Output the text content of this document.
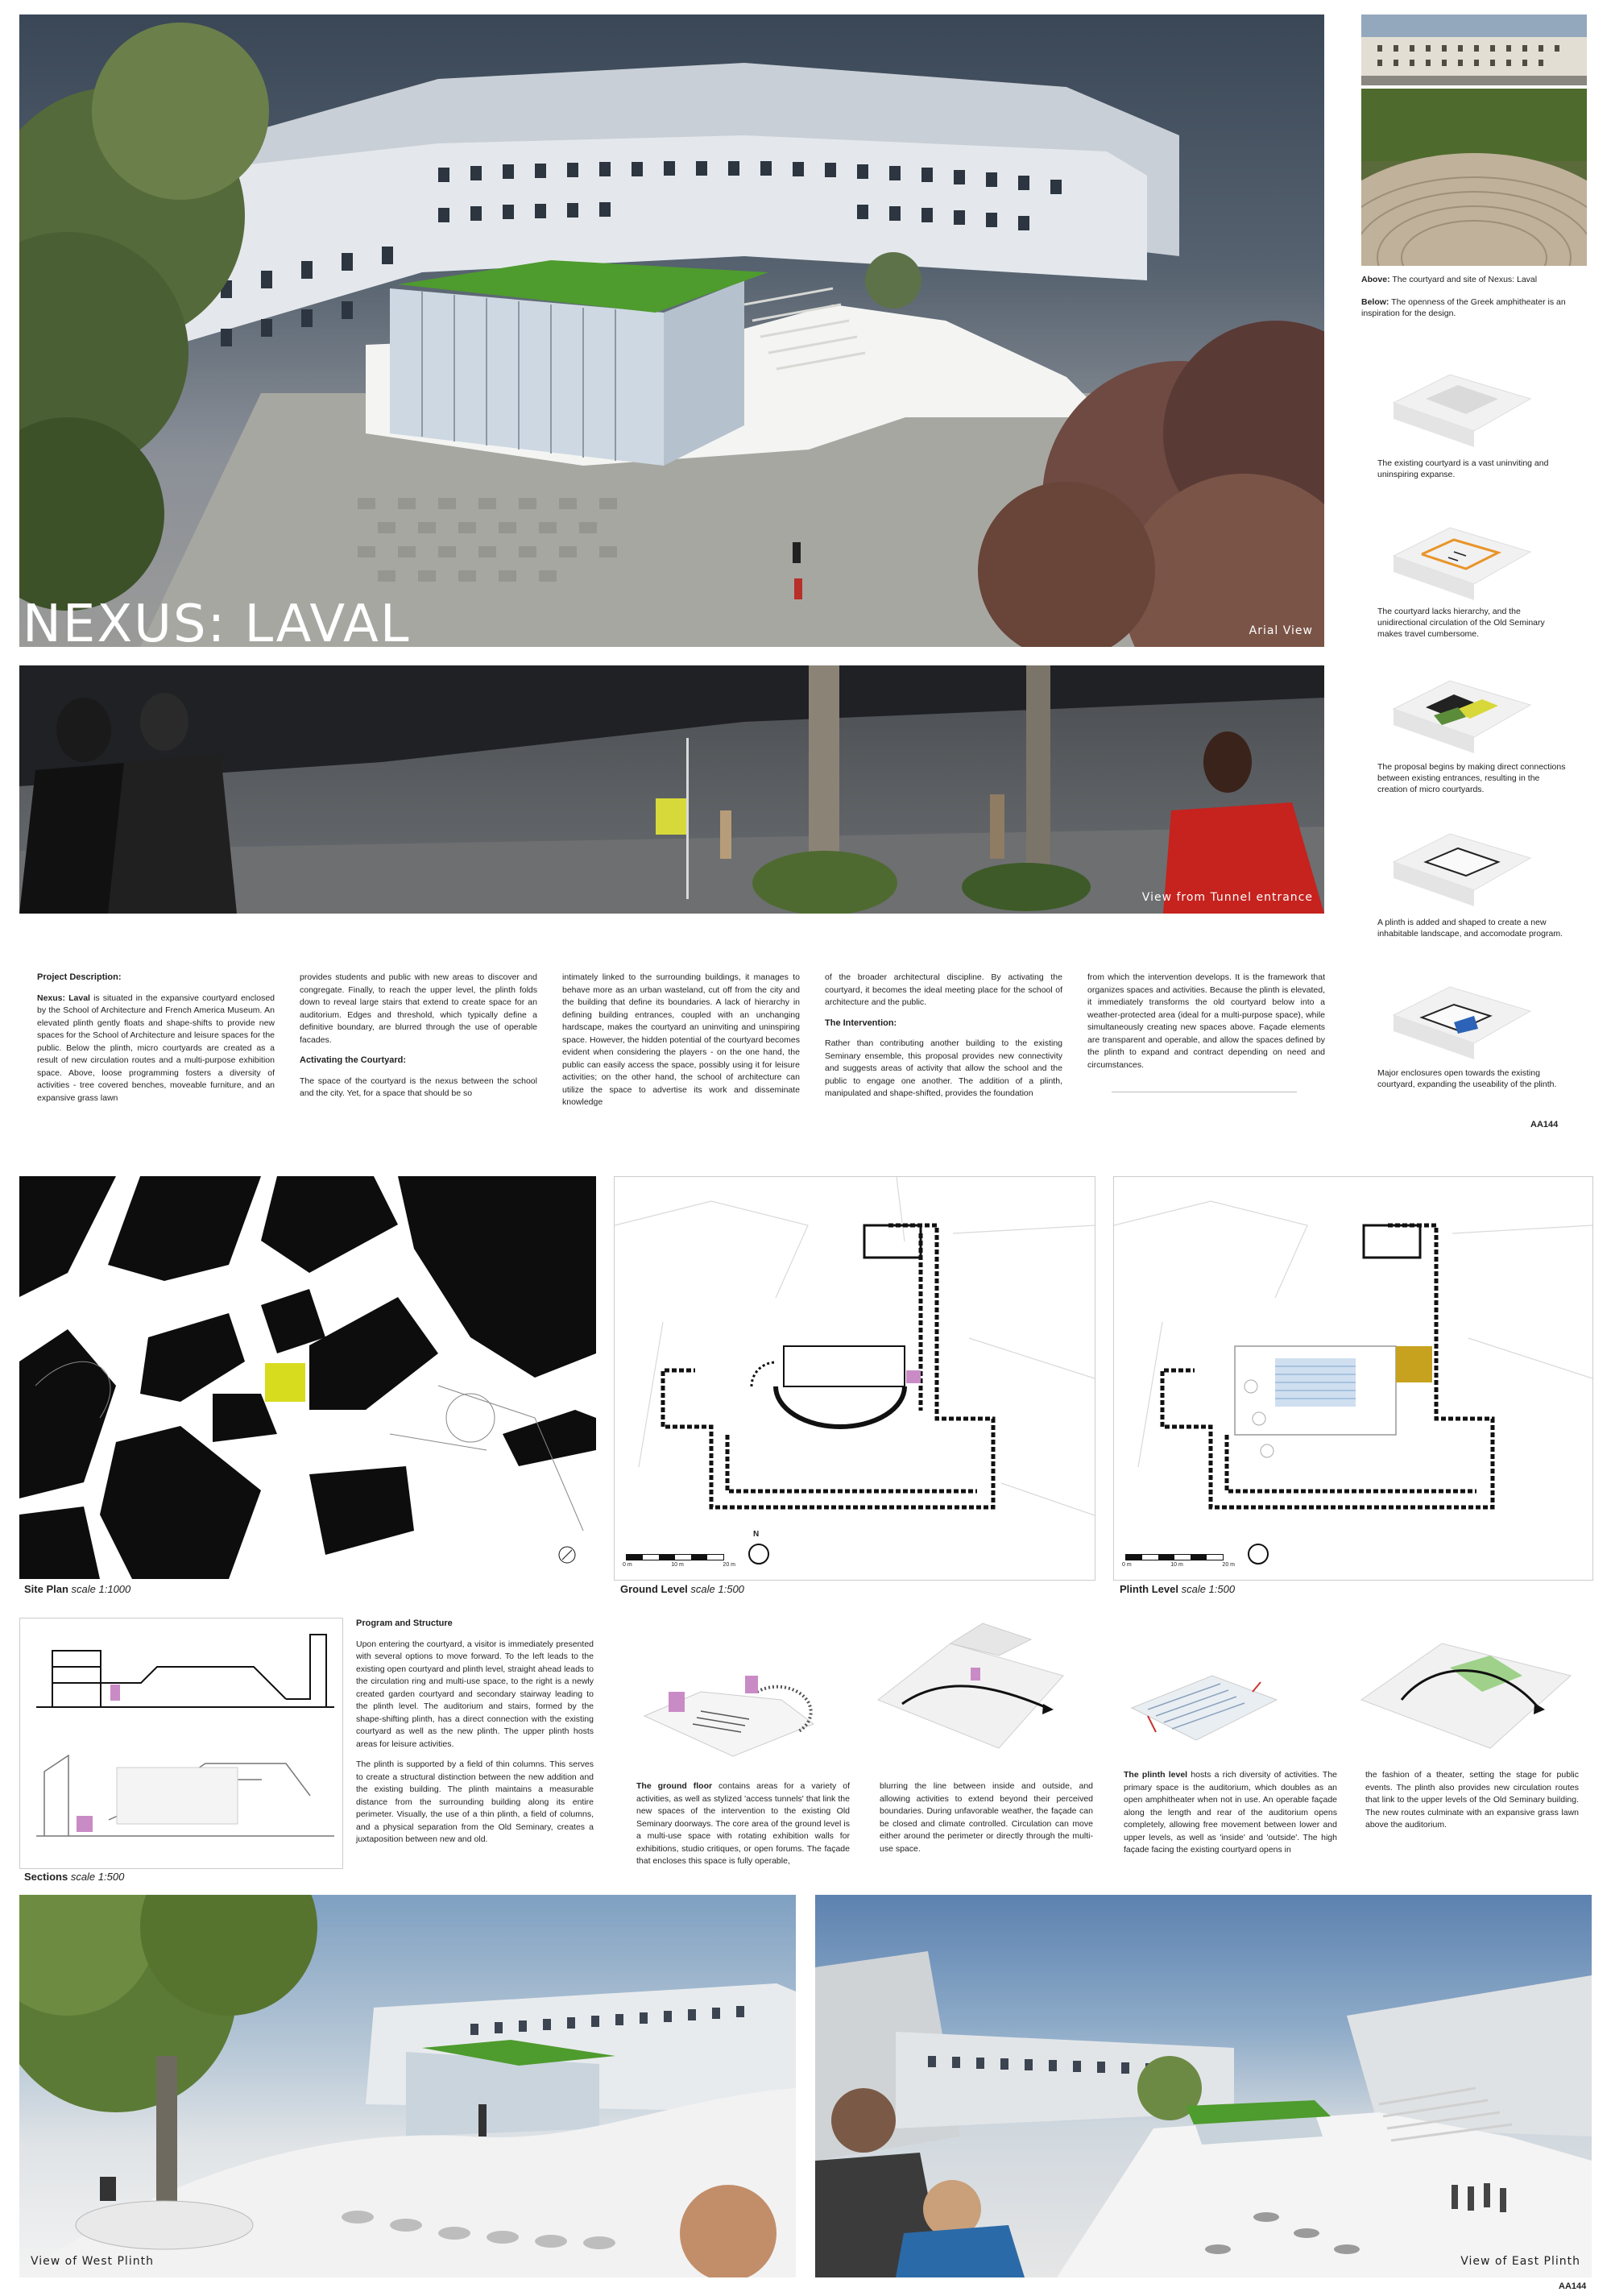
NEXUS: LAVAL	Arial View
Above: The courtyard and site of Nexus: Laval
Below: The openness of the Greek amphitheater is an inspiration for the design.
The existing courtyard is a vast uninviting and uninspiring expanse.
The courtyard lacks hierarchy, and the unidirectional circulation of the Old Seminary makes travel cumbersome.
The proposal begins by making direct connections between existing entrances, resulting in the creation of micro courtyards.
A plinth is added and shaped to create a new inhabitable landscape, and accomodate program.
Major enclosures open towards the existing courtyard, expanding the useability of the plinth.
View from Tunnel entrance
Project Description:

Nexus: Laval is situated in the expansive courtyard enclosed by the School of Architecture and French America Museum. An elevated plinth gently floats and shape-shifts to provide new spaces for the School of Architecture and leisure spaces for the public. Below the plinth, micro courtyards are created as a result of new circulation routes and a multi-purpose exhibition space. Above, loose programming fosters a diversity of activities - tree covered benches, moveable furniture, and an expansive grass lawn

provides students and public with new areas to discover and congregate. Finally, to reach the upper level, the plinth folds down to reveal large stairs that extend to create space for an auditorium. Edges and threshold, which typically define a definitive boundary, are blurred through the use of operable facades.

Activating the Courtyard:

The space of the courtyard is the nexus between the school and the city. Yet, for a space that should be so

intimately linked to the surrounding buildings, it manages to behave more as an urban wasteland, cut off from the city and the building that define its boundaries. A lack of hierarchy in defining building entrances, coupled with an unchanging hardscape, makes the courtyard an uninviting and uninspiring space. However, the hidden potential of the courtyard becomes evident when considering the players - on the one hand, the public can easily access the space, possibly using it for leisure activities; on the other hand, the school of architecture can utilize the space to advertise its work and disseminate knowledge

of the broader architectural discipline. By activating the courtyard, it becomes the ideal meeting place for the school of architecture and the public.

The Intervention:

Rather than contributing another building to the existing Seminary ensemble, this proposal provides new connectivity and suggests areas of activity that allow the school and the public to engage one another. The addition of a plinth, manipulated and shape-shifted, provides the foundation

from which the intervention develops. It is the framework that organizes spaces and activities. Because the plinth is elevated, it immediately transforms the old courtyard below into a weather-protected area (ideal for a multi-purpose space), while simultaneously creating new spaces above. Façade elements are transparent and operable, and allow the spaces defined by the plinth to expand and contract depending on need and circumstances.

AA144
Site Plan scale 1:1000
0 m	10 m	20 m
N
Ground Level scale 1:500
0 m	10 m	20 m
Plinth Level scale 1:500
Sections scale 1:500
Program and Structure

Upon entering the courtyard, a visitor is immediately presented with several options to move forward. To the left leads to the existing open courtyard and plinth level, straight ahead leads to the circulation ring and multi-use space, to the right is a newly created garden courtyard and secondary stairway leading to the plinth level. The auditorium and stairs, formed by the shape-shifting plinth, has a direct connection with the existing courtyard as well as the new plinth. The upper plinth hosts areas for leisure activities.

The plinth is supported by a field of thin columns. This serves to create a structural distinction between the new addition and the existing building. The plinth maintains a measurable distance from the surrounding building along its entire perimeter. Visually, the use of a thin plinth, a field of columns, and a physical separation from the Old Seminary, creates a juxtaposition between new and old.

The ground floor contains areas for a variety of activities, as well as stylized 'access tunnels' that link the new spaces of the intervention to the existing Old Seminary doorways. The core area of the ground level is a multi-use space with rotating exhibition walls for exhibitions, studio critiques, or open forums. The façade that encloses this space is fully operable,

blurring the line between inside and outside, and allowing activities to extend beyond their perceived boundaries. During unfavorable weather, the façade can be closed and climate controlled. Circulation can move either around the perimeter or directly through the multi-use space.

The plinth level hosts a rich diversity of activities. The primary space is the auditorium, which doubles as an open amphitheater when not in use. An operable façade along the length and rear of the auditorium opens completely, allowing free movement between lower and upper levels, as well as 'inside' and 'outside'. The high façade facing the existing courtyard opens in

the fashion of a theater, setting the stage for public events. The plinth also provides new circulation routes that link to the upper levels of the Old Seminary building. The new routes culminate with an expansive grass lawn above the auditorium.

View of West Plinth	View of East Plinth
AA144
